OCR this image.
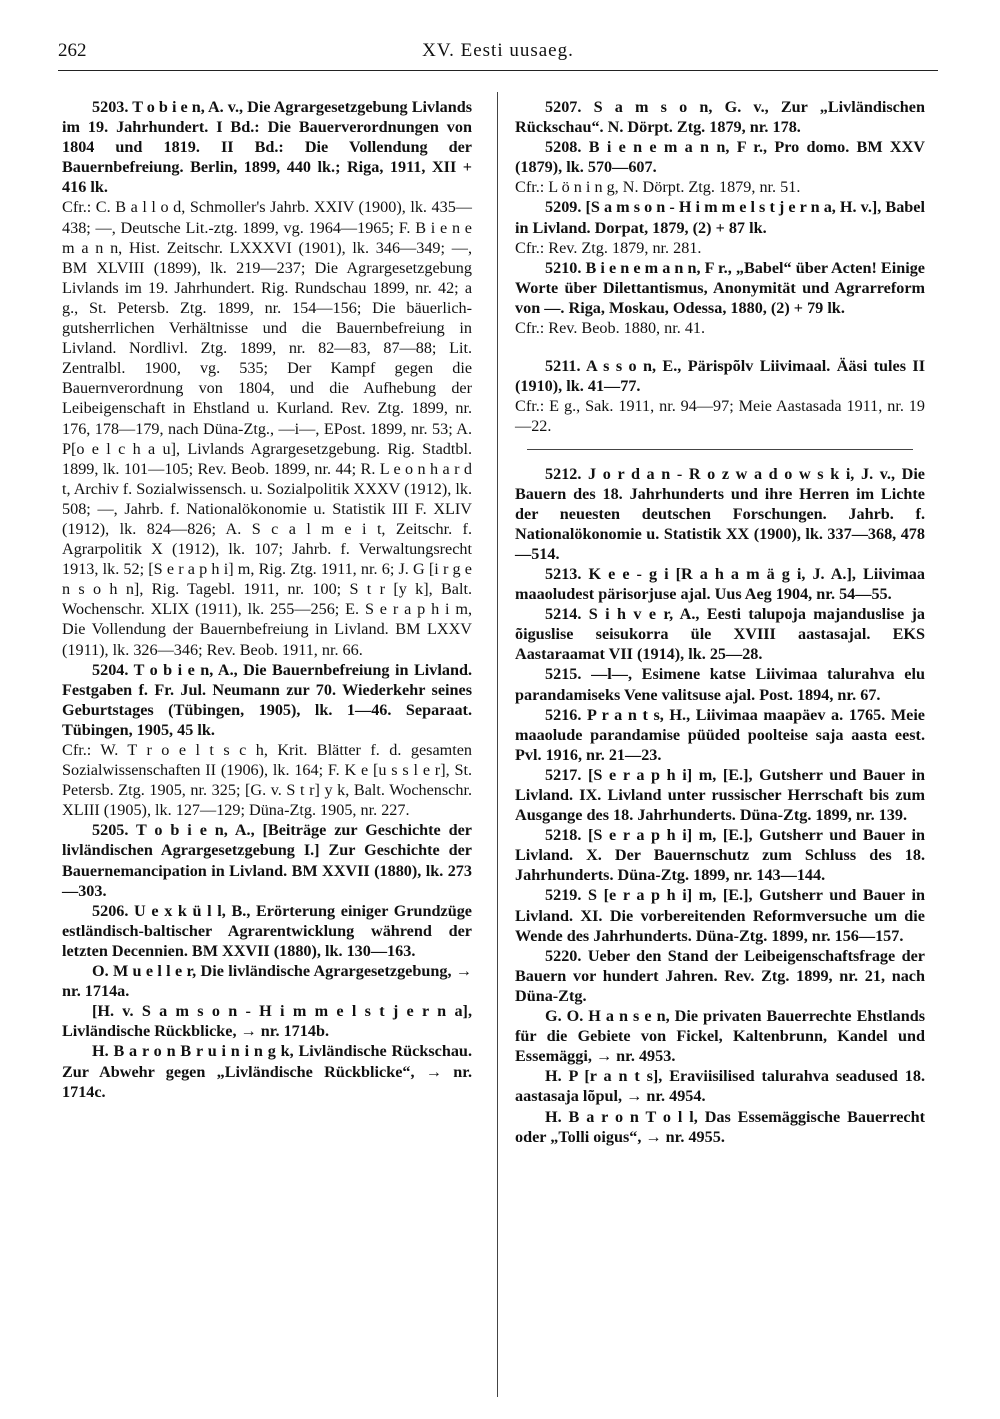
262	XV. Eesti uusaeg.

5203. T o b i e n, A. v., Die Agrargesetzgebung Livlands im 19. Jahrhundert. I Bd.: Die Bauerverordnungen von 1804 und 1819. II Bd.: Die Vollendung der Bauernbefreiung. Berlin, 1899, 440 lk.; Riga, 1911, XII + 416 lk.

Cfr.: C. B a l l o d, Schmoller's Jahrb. XXIV (1900), lk. 435—438; —, Deutsche Lit.-ztg. 1899, vg. 1964—1965; F. B i e n e m a n n, Hist. Zeitschr. LXXXVI (1901), lk. 346—349; —, BM XLVIII (1899), lk. 219—237; Die Agrargesetzgebung Livlands im 19. Jahrhundert. Rig. Rundschau 1899, nr. 42; a g., St. Petersb. Ztg. 1899, nr. 154—156; Die bäuerlich-gutsherrlichen Verhältnisse und die Bauernbefreiung in Livland. Nordlivl. Ztg. 1899, nr. 82—83, 87—88; Lit. Zentralbl. 1900, vg. 535; Der Kampf gegen die Bauernverordnung von 1804, und die Aufhebung der Leibeigenschaft in Ehstland u. Kurland. Rev. Ztg. 1899, nr. 176, 178—179, nach Düna-Ztg., —i—, EPost. 1899, nr. 53; A. P[o e l c h a u], Livlands Agrargesetzgebung. Rig. Stadtbl. 1899, lk. 101—105; Rev. Beob. 1899, nr. 44; R. L e o n h a r d t, Archiv f. Sozialwissensch. u. Sozialpolitik XXXV (1912), lk. 508; —, Jahrb. f. Nationalökonomie u. Statistik III F. XLIV (1912), lk. 824—826; A. S c a l m e i t, Zeitschr. f. Agrarpolitik X (1912), lk. 107; Jahrb. f. Verwaltungsrecht 1913, lk. 52; [S e r a p h i] m, Rig. Ztg. 1911, nr. 6; J. G [i r g e n s o h n], Rig. Tagebl. 1911, nr. 100; S t r [y k], Balt. Wochenschr. XLIX (1911), lk. 255—256; E. S e r a p h i m, Die Vollendung der Bauernbefreiung in Livland. BM LXXV (1911), lk. 326—346; Rev. Beob. 1911, nr. 66.

5204. T o b i e n, A., Die Bauernbefreiung in Livland. Festgaben f. Fr. Jul. Neumann zur 70. Wiederkehr seines Geburtstages (Tübingen, 1905), lk. 1—46. Separaat. Tübingen, 1905, 45 lk.

Cfr.: W. T r o e l t s c h, Krit. Blätter f. d. gesamten Sozialwissenschaften II (1906), lk. 164; F. K e [u s s l e r], St. Petersb. Ztg. 1905, nr. 325; [G. v. S t r] y k, Balt. Wochenschr. XLIII (1905), lk. 127—129; Düna-Ztg. 1905, nr. 227.

5205. T o b i e n, A., [Beiträge zur Geschichte der livländischen Agrargesetzgebung I.] Zur Geschichte der Bauernemancipation in Livland. BM XXVII (1880), lk. 273—303.

5206. U e x k ü l l, B., Erörterung einiger Grundzüge estländisch-baltischer Agrarentwicklung während der letzten Decennien. BM XXVII (1880), lk. 130—163.

O. M u e l l e r, Die livländische Agrargesetzgebung, → nr. 1714a.

[H. v. S a m s o n - H i m m e l s t j e r n a], Livländische Rückblicke, → nr. 1714b.

H. B a r o n B r u i n i n g k, Livländische Rückschau. Zur Abwehr gegen „Livländische Rückblicke“, → nr. 1714c.

5207. S a m s o n, G. v., Zur „Livländischen Rückschau“. N. Dörpt. Ztg. 1879, nr. 178.

5208. B i e n e m a n n, F r., Pro domo. BM XXV (1879), lk. 570—607.

Cfr.: L ö n i n g, N. Dörpt. Ztg. 1879, nr. 51.

5209. [S a m s o n - H i m m e l s t j e r n a, H. v.], Babel in Livland. Dorpat, 1879, (2) + 87 lk.

Cfr.: Rev. Ztg. 1879, nr. 281.

5210. B i e n e m a n n, F r., „Babel“ über Acten! Einige Worte über Dilettantismus, Anonymität und Agrarreform von —. Riga, Moskau, Odessa, 1880, (2) + 79 lk.

Cfr.: Rev. Beob. 1880, nr. 41.

5211. A s s o n, E., Pärispõlv Liivimaal. Ääsi tules II (1910), lk. 41—77.

Cfr.: E g., Sak. 1911, nr. 94—97; Meie Aastasada 1911, nr. 19—22.

5212. J o r d a n - R o z w a d o w s k i, J. v., Die Bauern des 18. Jahrhunderts und ihre Herren im Lichte der neuesten deutschen Forschungen. Jahrb. f. Nationalökonomie u. Statistik XX (1900), lk. 337—368, 478—514.

5213. K e e - g i [R a h a m ä g i, J. A.], Liivimaa maaoludest pärisorjuse ajal. Uus Aeg 1904, nr. 54—55.

5214. S i h v e r, A., Eesti talupoja majanduslise ja õiguslise seisukorra üle XVIII aastasajal. EKS Aastaraamat VII (1914), lk. 25—28.

5215. —l—, Esimene katse Liivimaa talurahva elu parandamiseks Vene valitsuse ajal. Post. 1894, nr. 67.

5216. P r a n t s, H., Liivimaa maapäev a. 1765. Meie maaolude parandamise püüded poolteise saja aasta eest. Pvl. 1916, nr. 21—23.

5217. [S e r a p h i] m, [E.], Gutsherr und Bauer in Livland. IX. Livland unter russischer Herrschaft bis zum Ausgange des 18. Jahrhunderts. Düna-Ztg. 1899, nr. 139.

5218. [S e r a p h i] m, [E.], Gutsherr und Bauer in Livland. X. Der Bauernschutz zum Schluss des 18. Jahrhunderts. Düna-Ztg. 1899, nr. 143—144.

5219. S [e r a p h i] m, [E.], Gutsherr und Bauer in Livland. XI. Die vorbereitenden Reformversuche um die Wende des Jahrhunderts. Düna-Ztg. 1899, nr. 156—157.

5220. Ueber den Stand der Leibeigenschaftsfrage der Bauern vor hundert Jahren. Rev. Ztg. 1899, nr. 21, nach Düna-Ztg.

G. O. H a n s e n, Die privaten Bauerrechte Ehstlands für die Gebiete von Fickel, Kaltenbrunn, Kandel und Essemäggi, → nr. 4953.

H. P [r a n t s], Eraviisilised talurahva seadused 18. aastasaja lõpul, → nr. 4954.

H. B a r o n T o l l, Das Essemäggische Bauerrecht oder „Tolli oigus“, → nr. 4955.
